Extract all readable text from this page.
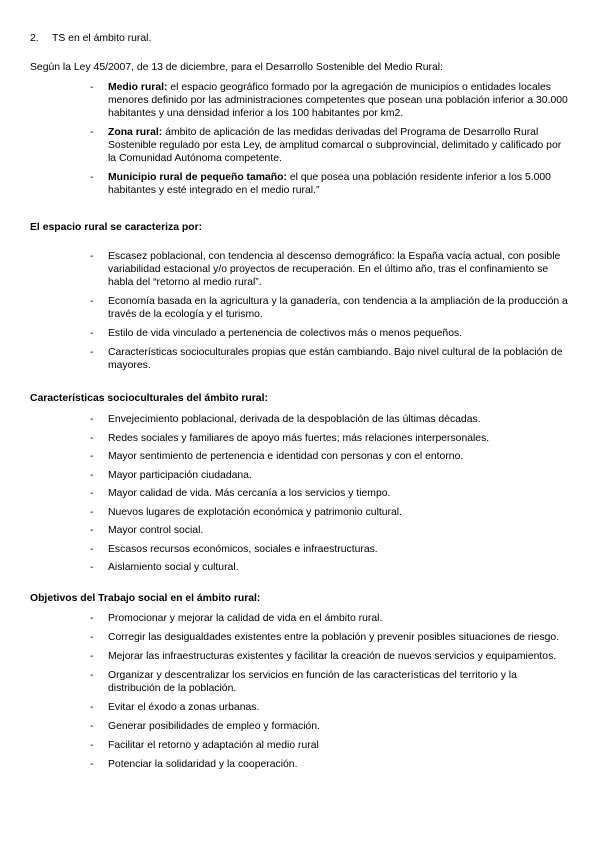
2. TS en el ámbito rural.
Según la Ley 45/2007, de 13 de diciembre, para el Desarrollo Sostenible del Medio Rural:
- Medio rural: el espacio geográfico formado por la agregación de municipios o entidades locales menores definido por las administraciones competentes que posean una población inferior a 30.000 habitantes y una densidad inferior a los 100 habitantes por km2.
- Zona rural: ámbito de aplicación de las medidas derivadas del Programa de Desarrollo Rural Sostenible regulado por esta Ley, de amplitud comarcal o subprovincial, delimitado y calificado por la Comunidad Autónoma competente.
- Municipio rural de pequeño tamaño: el que posea una población residente inferior a los 5.000 habitantes y esté integrado en el medio rural.”
El espacio rural se caracteriza por:
- Escasez poblacional, con tendencia al descenso demográfico: la España vacía actual, con posible variabilidad estacional y/o proyectos de recuperación. En el último año, tras el confinamiento se habla del “retorno al medio rural”.
- Economía basada en la agricultura y la ganadería, con tendencia a la ampliación de la producción a través de la ecología y el turismo.
- Estilo de vida vinculado a pertenencia de colectivos más o menos pequeños.
- Características socioculturales propias que están cambiando. Bajo nivel cultural de la población de mayores.
Características socioculturales del ámbito rural:
- Envejecimiento poblacional, derivada de la despoblación de las últimas décadas.
- Redes sociales y familiares de apoyo más fuertes; más relaciones interpersonales.
- Mayor sentimiento de pertenencia e identidad con personas y con el entorno.
- Mayor participación ciudadana.
- Mayor calidad de vida. Más cercanía a los servicios y tiempo.
- Nuevos lugares de explotación económica y patrimonio cultural.
- Mayor control social.
- Escasos recursos económicos, sociales e infraestructuras.
- Aislamiento social y cultural.
Objetivos del Trabajo social en el ámbito rural:
- Promocionar y mejorar la calidad de vida en el ámbito rural.
- Corregir las desigualdades existentes entre la población y prevenir posibles situaciones de riesgo.
- Mejorar las infraestructuras existentes y facilitar la creación de nuevos servicios y equipamientos.
- Organizar y descentralizar los servicios en función de las características del territorio y la distribución de la población.
- Evitar el éxodo a zonas urbanas.
- Generar posibilidades de empleo y formación.
- Facilitar el retorno y adaptación al medio rural
- Potenciar la solidaridad y la cooperación.
